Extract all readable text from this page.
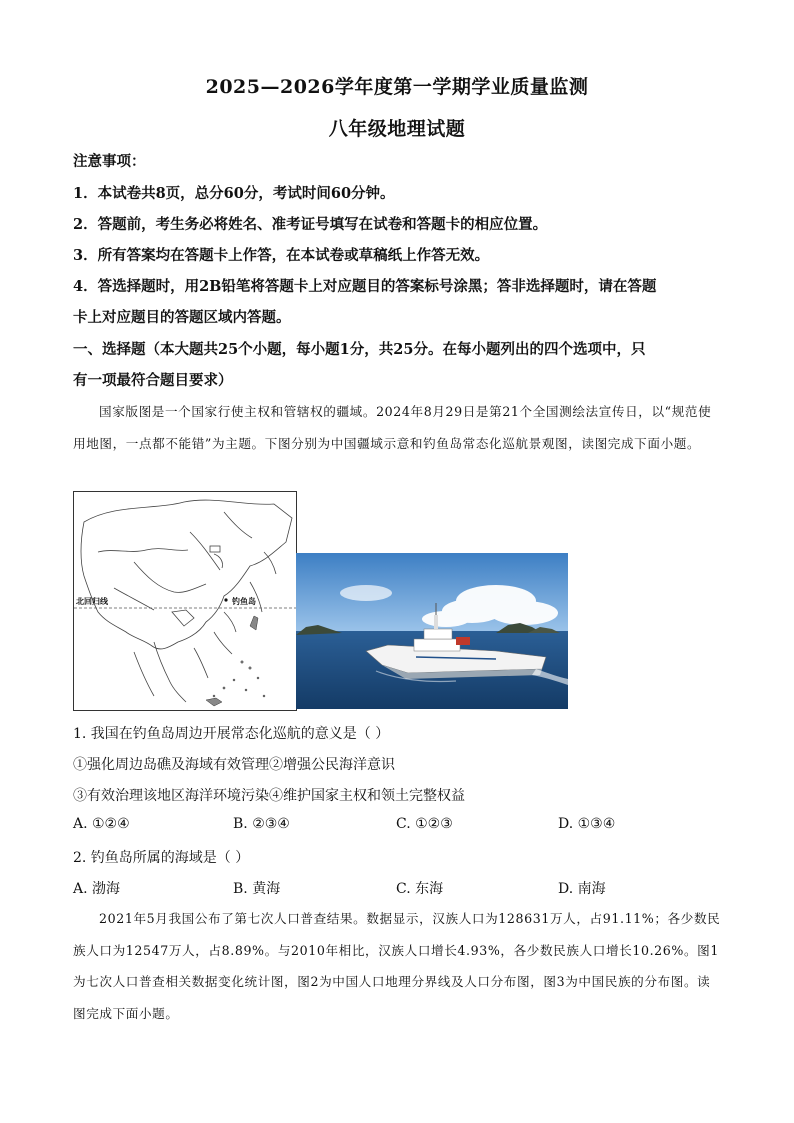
2025—2026学年度第一学期学业质量监测
八年级地理试题
注意事项：
1．本试卷共8页，总分60分，考试时间60分钟。
2．答题前，考生务必将姓名、准考证号填写在试卷和答题卡的相应位置。
3．所有答案均在答题卡上作答，在本试卷或草稿纸上作答无效。
4．答选择题时，用2B铅笔将答题卡上对应题目的答案标号涂黑；答非选择题时，请在答题
卡上对应题目的答题区域内答题。
一、选择题（本大题共25个小题，每小题1分，共25分。在每小题列出的四个选项中，只
有一项最符合题目要求）
国家版图是一个国家行使主权和管辖权的疆域。2024年8月29日是第21个全国测绘法宣传日，以“规范使用地图，一点都不能错”为主题。下图分别为中国疆域示意和钓鱼岛常态化巡航景观图，读图完成下面小题。
北回归线	钓鱼岛
1. 我国在钓鱼岛周边开展常态化巡航的意义是（ ）
①强化周边岛礁及海域有效管理②增强公民海洋意识
③有效治理该地区海洋环境污染④维护国家主权和领土完整权益
A. ①②④	B. ②③④	C. ①②③	D. ①③④
2. 钓鱼岛所属的海域是（ ）
A. 渤海	B. 黄海	C. 东海	D. 南海
2021年5月我国公布了第七次人口普查结果。数据显示，汉族人口为128631万人，占91.11%；各少数民族人口为12547万人，占8.89%。与2010年相比，汉族人口增长4.93%，各少数民族人口增长10.26%。图1为七次人口普查相关数据变化统计图，图2为中国人口地理分界线及人口分布图，图3为中国民族的分布图。读图完成下面小题。
